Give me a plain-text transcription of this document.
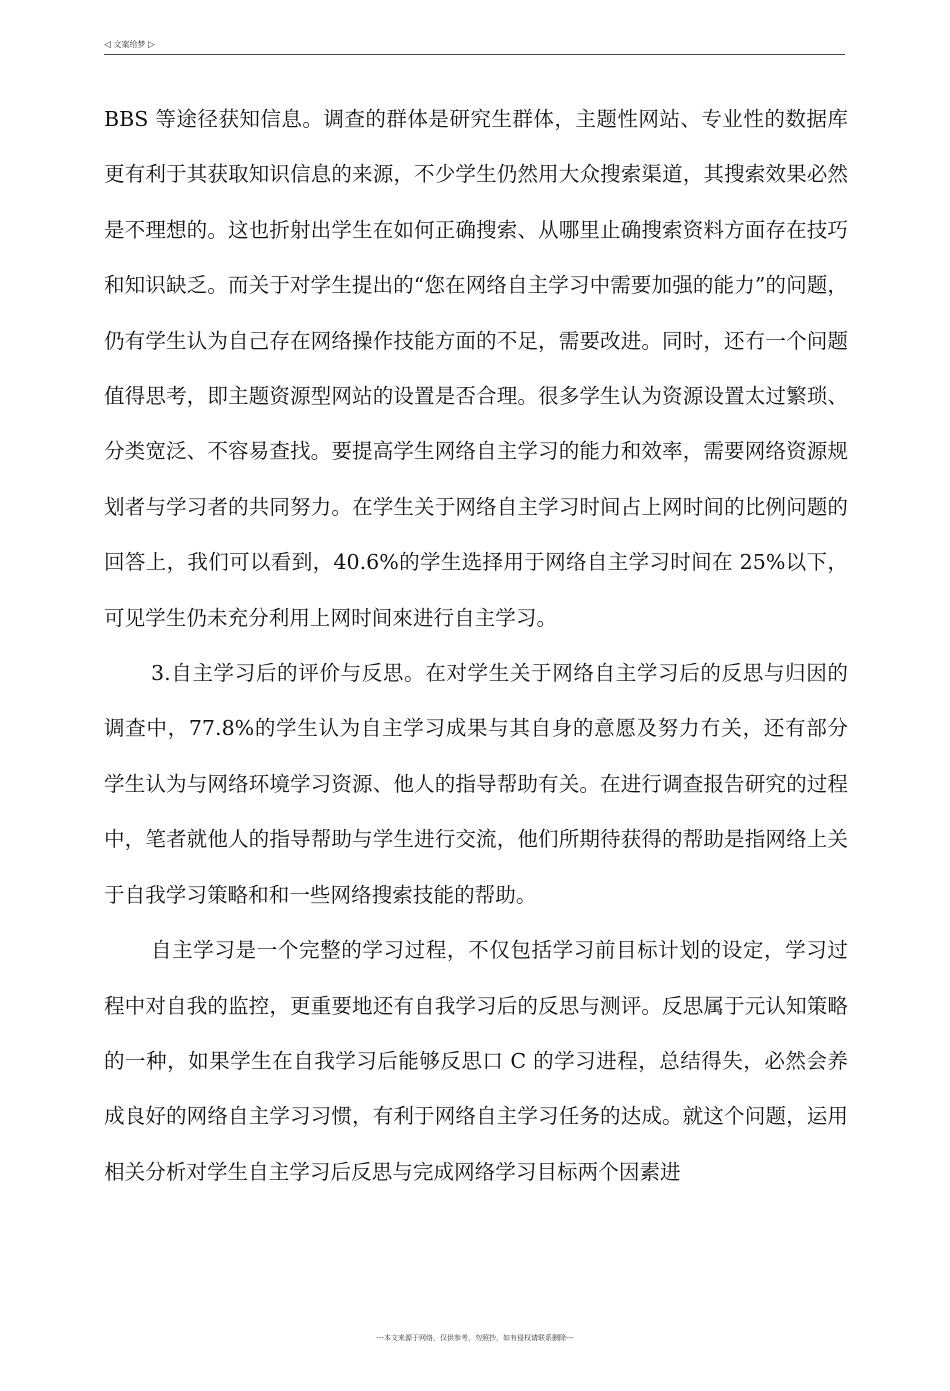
◁ 文案给梦 ▷

BBS 等途径获知信息。调查的群体是研究生群体，主题性网站、专业性的数据库更有利于其获取知识信息的来源，不少学生仍然用大众搜索渠道，其搜索效果必然是不理想的。这也折射出学生在如何正确搜索、从哪里止确搜索资料方面存在技巧和知识缺乏。而关于对学生提出的“您在网络自主学习中需要加强的能力”的问题，仍有学生认为自己存在网络操作技能方面的不足，需要改进。同时，还冇一个问题值得思考，即主题资源型网站的设置是否合理。很多学生认为资源设置太过繁琐、分类宽泛、不容易查找。要提高学生网络自主学习的能力和效率，需要网络资源规划者与学习者的共同努力。在学生关于网络自主学习时间占上网时间的比例问题的回答上，我们可以看到，40.6%的学生选择用于网络自主学习时间在 25%以下，可见学生仍未充分利用上网时间來进行自主学习。

3.自主学习后的评价与反思。在对学生关于网络自主学习后的反思与归因的调查中，77.8%的学生认为自主学习成果与其自身的意愿及努力冇关，还有部分学生认为与网络环境学习资源、他人的指导帮助有关。在进行调查报告研究的过程中，笔者就他人的指导帮助与学生进行交流，他们所期待获得的帮助是指网络上关于自我学习策略和和一些网络搜索技能的帮助。

自主学习是一个完整的学习过程，不仅包括学习前目标计划的设定，学习过程中对自我的监控，更重要地还有自我学习后的反思与测评。反思属于元认知策略的一种，如果学生在自我学习后能够反思口 C 的学习进程，总结得失，必然会养成良好的网络自主学习习惯，有利于网络自主学习任务的达成。就这个问题，运用相关分析对学生自主学习后反思与完成网络学习目标两个因素进

---本文来源于网络，仅供参考，勿照抄，如有侵权请联系删除---
